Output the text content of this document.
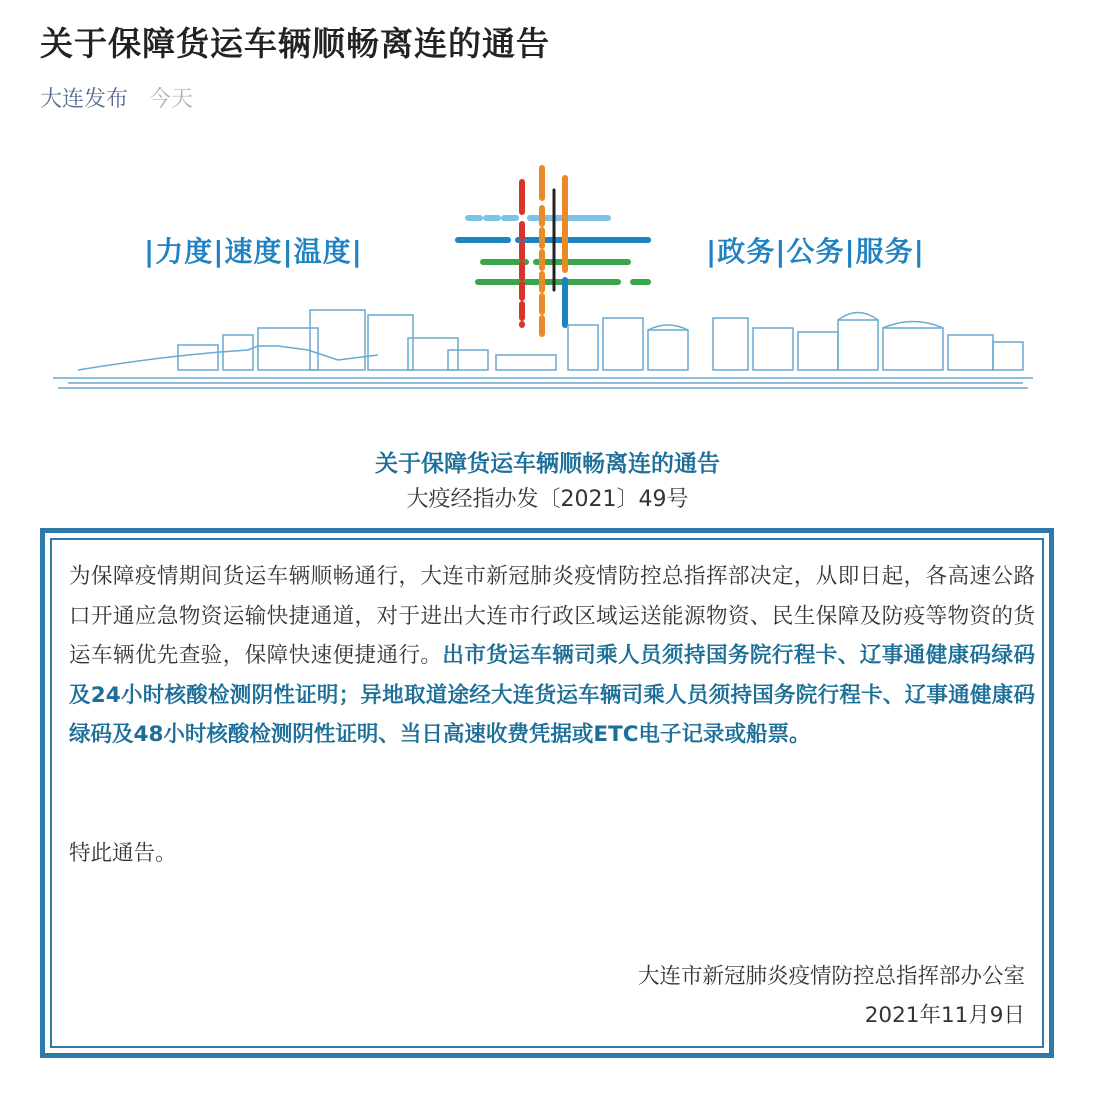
关于保障货运车辆顺畅离连的通告
大连发布 今天
|力度|速度|温度|	|政务|公务|服务|
关于保障货运车辆顺畅离连的通告
大疫经指办发〔2021〕49号
为保障疫情期间货运车辆顺畅通行，大连市新冠肺炎疫情防控总指挥部决定，从即日起，各高速公路口开通应急物资运输快捷通道，对于进出大连市行政区域运送能源物资、民生保障及防疫等物资的货运车辆优先查验，保障快速便捷通行。出市货运车辆司乘人员须持国务院行程卡、辽事通健康码绿码及24小时核酸检测阴性证明；异地取道途经大连货运车辆司乘人员须持国务院行程卡、辽事通健康码绿码及48小时核酸检测阴性证明、当日高速收费凭据或ETC电子记录或船票。
特此通告。
大连市新冠肺炎疫情防控总指挥部办公室
2021年11月9日
